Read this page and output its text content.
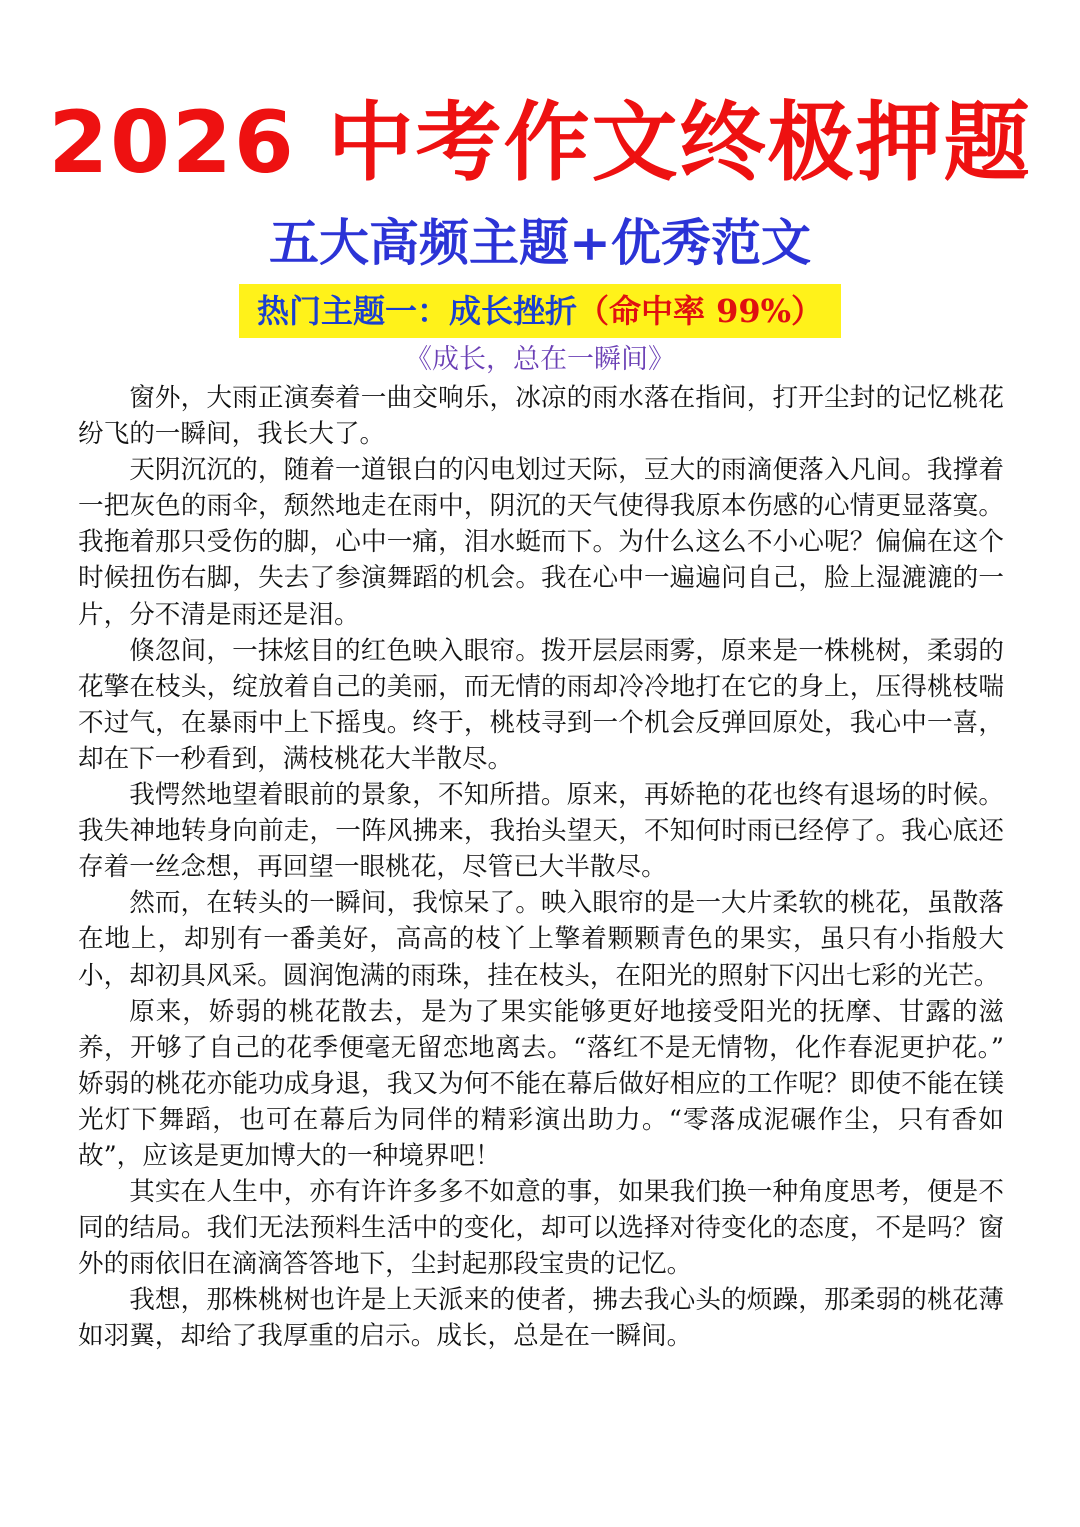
2026 中考作文终极押题
五大高频主题+优秀范文
热门主题一：成长挫折（命中率 99%）
《成长，总在一瞬间》

窗外，大雨正演奏着一曲交响乐，冰凉的雨水落在指间，打开尘封的记忆桃花纷飞的一瞬间，我长大了。

天阴沉沉的，随着一道银白的闪电划过天际，豆大的雨滴便落入凡间。我撑着一把灰色的雨伞，颓然地走在雨中，阴沉的天气使得我原本伤感的心情更显落寞。我拖着那只受伤的脚，心中一痛，泪水蜓而下。为什么这么不小心呢？偏偏在这个时候扭伤右脚，失去了参演舞蹈的机会。我在心中一遍遍问自己，脸上湿漉漉的一片，分不清是雨还是泪。

倏忽间，一抹炫目的红色映入眼帘。拨开层层雨雾，原来是一株桃树，柔弱的花擎在枝头，绽放着自己的美丽，而无情的雨却冷冷地打在它的身上，压得桃枝喘不过气，在暴雨中上下摇曳。终于，桃枝寻到一个机会反弹回原处，我心中一喜，却在下一秒看到，满枝桃花大半散尽。

我愕然地望着眼前的景象，不知所措。原来，再娇艳的花也终有退场的时候。我失神地转身向前走，一阵风拂来，我抬头望天，不知何时雨已经停了。我心底还存着一丝念想，再回望一眼桃花，尽管已大半散尽。

然而，在转头的一瞬间，我惊呆了。映入眼帘的是一大片柔软的桃花，虽散落在地上，却别有一番美好，高高的枝丫上擎着颗颗青色的果实，虽只有小指般大小，却初具风采。圆润饱满的雨珠，挂在枝头，在阳光的照射下闪出七彩的光芒。

原来，娇弱的桃花散去，是为了果实能够更好地接受阳光的抚摩、甘露的滋养，开够了自己的花季便毫无留恋地离去。“落红不是无情物，化作春泥更护花。” 娇弱的桃花亦能功成身退，我又为何不能在幕后做好相应的工作呢？即使不能在镁光灯下舞蹈，也可在幕后为同伴的精彩演出助力。“零落成泥碾作尘，只有香如故”，应该是更加博大的一种境界吧！

其实在人生中，亦有许许多多不如意的事，如果我们换一种角度思考，便是不同的结局。我们无法预料生活中的变化，却可以选择对待变化的态度，不是吗？窗外的雨依旧在滴滴答答地下，尘封起那段宝贵的记忆。

我想，那株桃树也许是上天派来的使者，拂去我心头的烦躁，那柔弱的桃花薄如羽翼，却给了我厚重的启示。成长，总是在一瞬间。
